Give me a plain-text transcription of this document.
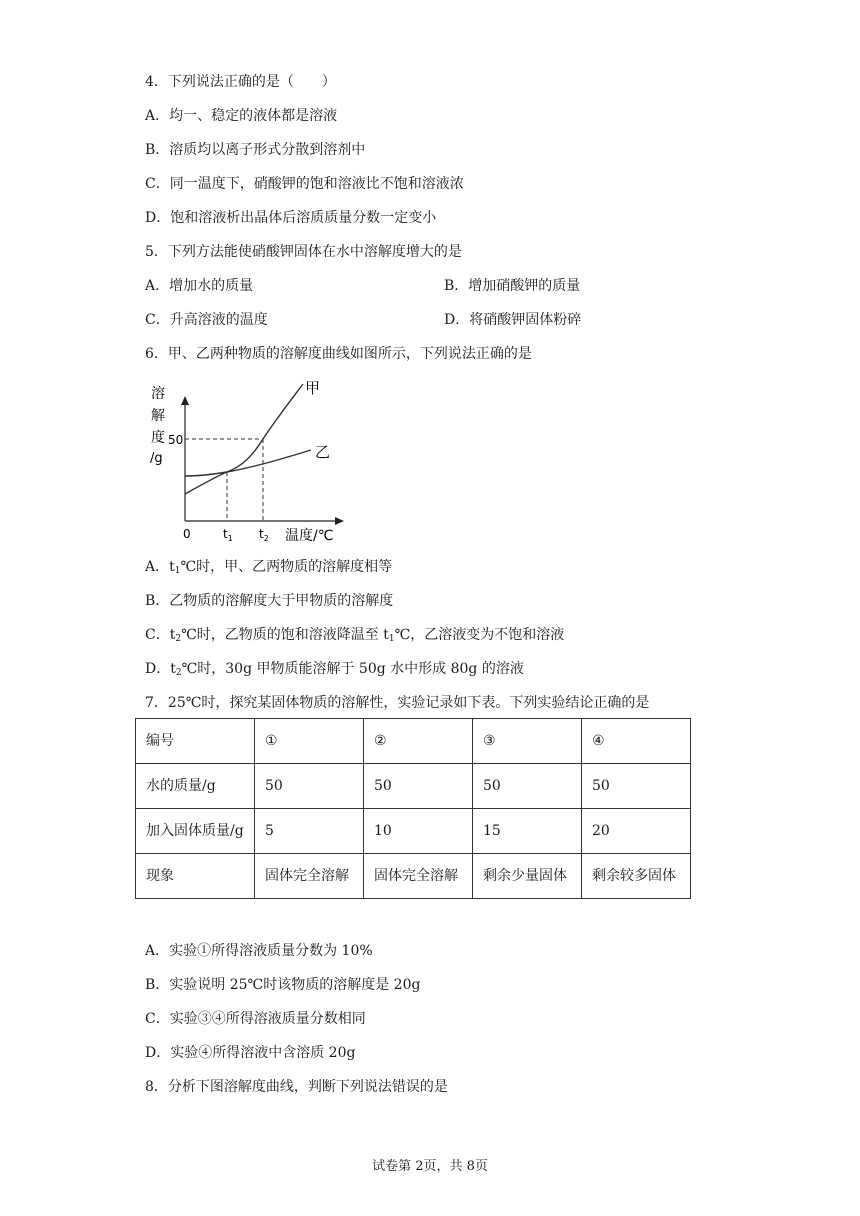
4．下列说法正确的是（　　）
A．均一、稳定的液体都是溶液
B．溶质均以离子形式分散到溶剂中
C．同一温度下，硝酸钾的饱和溶液比不饱和溶液浓
D．饱和溶液析出晶体后溶质质量分数一定变小
5．下列方法能使硝酸钾固体在水中溶解度增大的是
A．增加水的质量	B．增加硝酸钾的质量
C．升高溶液的温度	D．将硝酸钾固体粉碎
6．甲、乙两种物质的溶解度曲线如图所示，下列说法正确的是
溶
解
度
/g
50
0	$t_1$ $t_2$ 温度/℃
甲
乙
A．$t_1℃$时，甲、乙两物质的溶解度相等
B．乙物质的溶解度大于甲物质的溶解度
C．$t_2℃$时，乙物质的饱和溶液降温至 $t_1℃$，乙溶液变为不饱和溶液
D．$t_2℃$时，30g 甲物质能溶解于 50g 水中形成 80g 的溶液
7．25℃时，探究某固体物质的溶解性，实验记录如下表。下列实验结论正确的是
编号	①	②	③	④
水的质量/g	50	50	50	50
加入固体质量/g	5	10	15	20
现象	固体完全溶解	固体完全溶解	剩余少量固体	剩余较多固体
A．实验①所得溶液质量分数为 10%
B．实验说明 25℃时该物质的溶解度是 20g
C．实验③④所得溶液质量分数相同
D．实验④所得溶液中含溶质 20g
8．分析下图溶解度曲线，判断下列说法错误的是
试卷第 2页，共 8页
